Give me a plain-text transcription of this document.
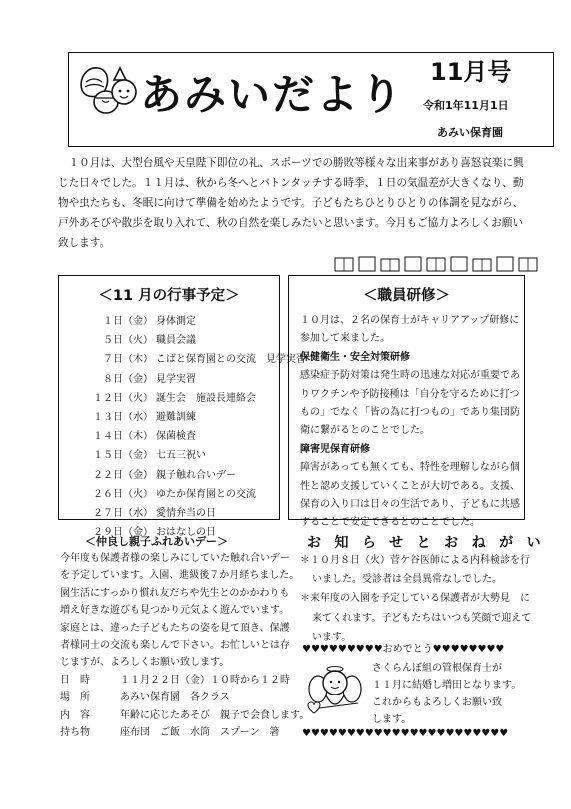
あみいだより 11月号
令和1年11月1日
あみい保育園

　１０月は、大型台風や天皇陛下即位の礼、スポーツでの勝敗等様々な出来事があり喜怒哀楽に興じた日々でした。１１月は、秋から冬へとバトンタッチする時季、１日の気温差が大きくなり、動物や虫たちも、冬眠に向けて準備を始めたようです。子どもたちひとりひとりの体調を見ながら、戸外あそびや散歩を取り入れて、秋の自然を楽しみたいと思います。今月もご協力よろしくお願い致します。

＜11 月の行事予定＞
１日（金） 身体測定
５日（火） 職員会議
７日（木） こばと保育園との交流　見学実習
８日（金） 見学実習
１２日（火） 誕生会　施設長連絡会
１３日（水） 避難訓練
１４日（木） 保菌検査
１５日（金） 七五三祝い
２２日（金） 親子触れ合いデー
２６日（火） ゆたか保育園との交流
２７日（水） 愛情弁当の日
２９日（金） おはなしの日
＜職員研修＞
１０月は、２名の保育士がキャリアアップ研修に参加して来ました。
保健衛生・安全対策研修
感染症予防対策は発生時の迅速な対応が重要でありワクチンや予防接種は「自分を守るために打つもの」でなく「皆の為に打つもの」であり集団防衛に繋がるとのことでした。
障害児保育研修
障害があっても無くても、特性を理解しながら個性と認め支援していくことが大切である。支援、保育の入り口は日々の生活であり、子どもに共感することで安定できるとのことでした。
＜仲良し親子ふれあいデー＞
今年度も保護者様の楽しみにしていた触れ合いデー
を予定しています。入園、進級後７か月経ちました。
園生活にすっかり慣れ友だちや先生とのかかわりも
増え好きな遊びも見つかり元気よく遊んでいます。
家庭とは、違った子どもたちの姿を見て頂き、保護
者様同士の交流も楽しんで下さい。お忙しいとは存
じますが、よろしくお願い致します。
日　時	１１月２２日（金）１０時から１２時
場　所	あみい保育園　各クラス
内　容	年齢に応じたあそび　親子で会食します。
持ち物	座布団　ご飯　水筒　スプーン　箸
お知らせとおねがい
＊１０月８日（火）菅ケ谷医師による内科検診を行いました。受診者は全員異常なしでした。
＊来年度の入園を予定している保護者が大勢見　に来てくれます。子どもたちはいつも笑顔で迎えています。
♥♥♥♥♥♥♥♥♥おめでとう♥♥♥♥♥♥♥♥
さくらんぼ組の管根保育士が
１１月に結婚し増田となります。
これからもよろしくお願い致
します。
♥♥♥♥♥♥♥♥♥♥♥♥♥♥♥♥♥♥♥♥♥♥♥
